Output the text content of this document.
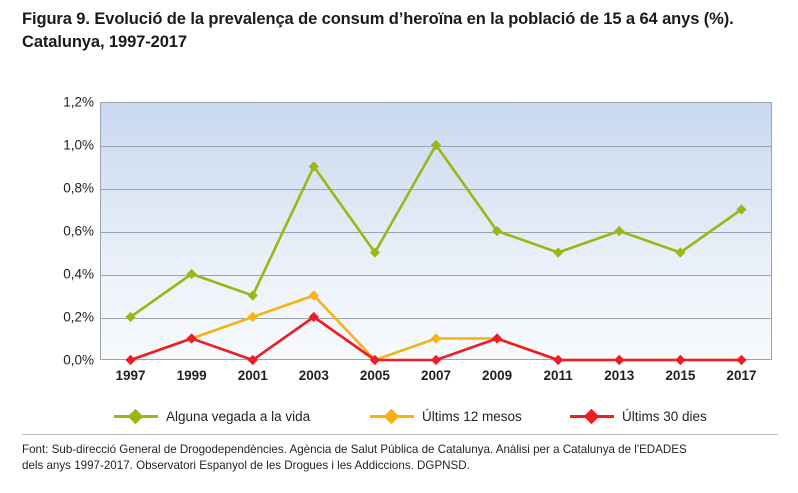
Figura 9. Evolució de la prevalença de consum d’heroïna en la població de 15 a 64 anys (%). Catalunya, 1997-2017
0,0%
0,2%
0,4%
0,6%
0,8%
1,0%
1,2%
1997 1999 2001 2003 2005 2007 2009 2011 2013 2015 2017
Alguna vegada a la vida	Últims 12 mesos	Últims 30 dies
Font: Sub-direcció General de Drogodependències. Agència de Salut Pública de Catalunya. Anàlisi per a Catalunya de l'EDADES
dels anys 1997-2017. Observatori Espanyol de les Drogues i les Addiccions. DGPNSD.
